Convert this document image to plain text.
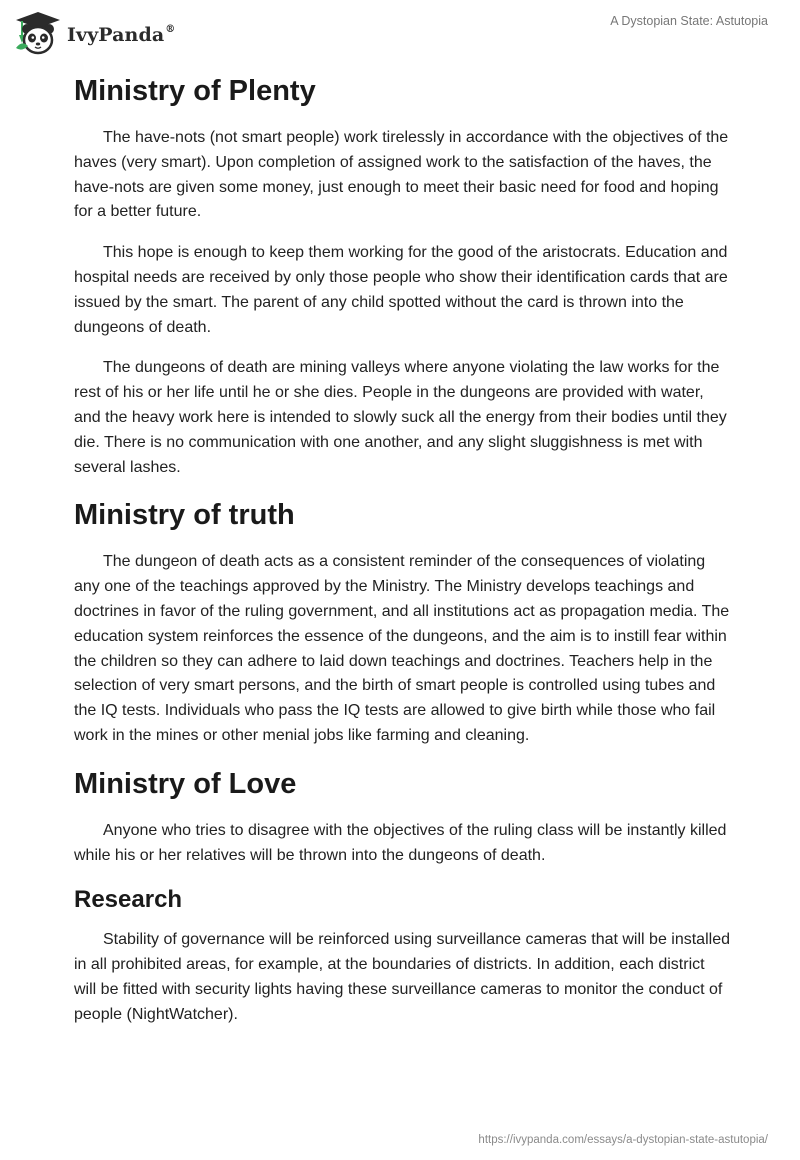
IvyPanda®
A Dystopian State: Astutopia
Ministry of Plenty

The have-nots (not smart people) work tirelessly in accordance with the objectives of the haves (very smart). Upon completion of assigned work to the satisfaction of the haves, the have-nots are given some money, just enough to meet their basic need for food and hoping for a better future.

This hope is enough to keep them working for the good of the aristocrats. Education and hospital needs are received by only those people who show their identification cards that are issued by the smart. The parent of any child spotted without the card is thrown into the dungeons of death.

The dungeons of death are mining valleys where anyone violating the law works for the rest of his or her life until he or she dies. People in the dungeons are provided with water, and the heavy work here is intended to slowly suck all the energy from their bodies until they die. There is no communication with one another, and any slight sluggishness is met with several lashes.

Ministry of truth

The dungeon of death acts as a consistent reminder of the consequences of violating any one of the teachings approved by the Ministry. The Ministry develops teachings and doctrines in favor of the ruling government, and all institutions act as propagation media. The education system reinforces the essence of the dungeons, and the aim is to instill fear within the children so they can adhere to laid down teachings and doctrines. Teachers help in the selection of very smart persons, and the birth of smart people is controlled using tubes and the IQ tests. Individuals who pass the IQ tests are allowed to give birth while those who fail work in the mines or other menial jobs like farming and cleaning.

Ministry of Love

Anyone who tries to disagree with the objectives of the ruling class will be instantly killed while his or her relatives will be thrown into the dungeons of death.

Research

Stability of governance will be reinforced using surveillance cameras that will be installed in all prohibited areas, for example, at the boundaries of districts. In addition, each district will be fitted with security lights having these surveillance cameras to monitor the conduct of people (NightWatcher).

https://ivypanda.com/essays/a-dystopian-state-astutopia/
